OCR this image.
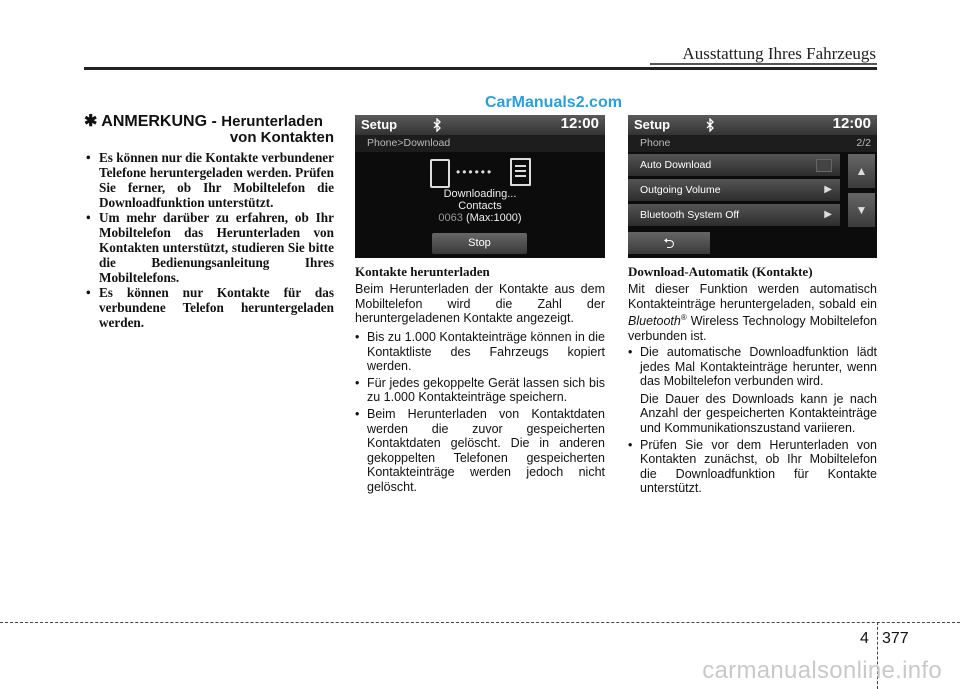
Ausstattung Ihres Fahrzeugs
CarManuals2.com
✱ ANMERKUNG - Herunterladen
von Kontakten
• Es können nur die Kontakte verbundener Telefone heruntergeladen werden. Prüfen Sie ferner, ob Ihr Mobiltelefon die Downloadfunktion unterstützt.
• Um mehr darüber zu erfahren, ob Ihr Mobiltelefon das Herunterladen von Kontakten unterstützt, studieren Sie bitte die Bedienungsanleitung Ihres Mobiltelefons.
• Es können nur Kontakte für das verbundene Telefon heruntergeladen werden.
Setup	12:00
Phone>Download
••••••
Downloading...
Contacts
0063 (Max:1000)
Stop
Setup	12:00
Phone	2/2
Auto Download
Outgoing Volume	▶
Bluetooth System Off	▶
▲
▼
⮌
Kontakte herunterladen

Beim Herunterladen der Kontakte aus dem Mobiltelefon wird die Zahl der heruntergeladenen Kontakte angezeigt.

• Bis zu 1.000 Kontakteinträge können in die Kontaktliste des Fahrzeugs kopiert werden.
• Für jedes gekoppelte Gerät lassen sich bis zu 1.000 Kontakteinträge speichern.
• Beim Herunterladen von Kontaktdaten werden die zuvor gespeicherten Kontaktdaten gelöscht. Die in anderen gekoppelten Telefonen gespeicherten Kontakteinträge werden jedoch nicht gelöscht.
Download-Automatik (Kontakte)

Mit dieser Funktion werden automatisch Kontakteinträge heruntergeladen, sobald ein Bluetooth® Wireless Technology Mobiltelefon verbunden ist.

• Die automatische Downloadfunktion lädt jedes Mal Kontakteinträge herunter, wenn das Mobiltelefon verbunden wird.
Die Dauer des Downloads kann je nach Anzahl der gespeicherten Kontakteinträge und Kommunikationszustand variieren.
• Prüfen Sie vor dem Herunterladen von Kontakten zunächst, ob Ihr Mobiltelefon die Downloadfunktion für Kontakte unterstützt.
4 377
carmanualsonline.info
